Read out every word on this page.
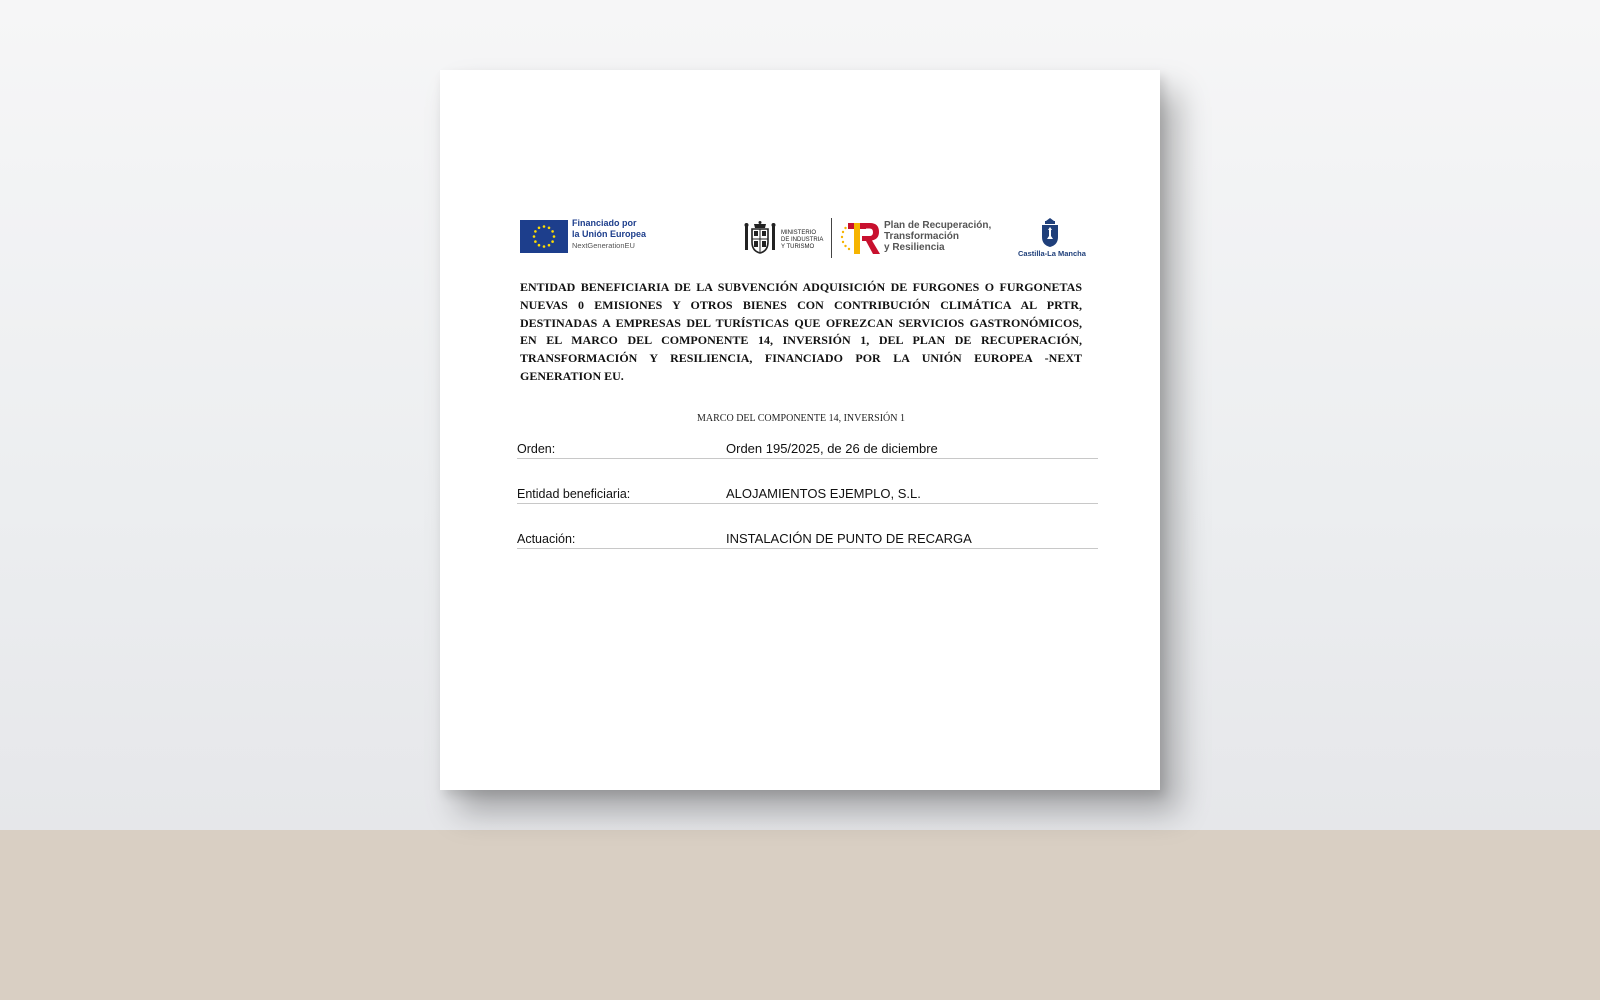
Financiado por
la Unión Europea
NextGenerationEU
MINISTERIO
DE INDUSTRIA
Y TURISMO
Plan de Recuperación,
Transformación
y Resiliencia
Castilla-La Mancha

ENTIDAD BENEFICIARIA DE LA SUBVENCIÓN ADQUISICIÓN DE FURGONES O FURGONETAS NUEVAS 0 EMISIONES Y OTROS BIENES CON CONTRIBUCIÓN CLIMÁTICA AL PRTR, DESTINADAS A EMPRESAS DEL TURÍSTICAS QUE OFREZCAN SERVICIOS GASTRONÓMICOS, EN EL MARCO DEL COMPONENTE 14, INVERSIÓN 1, DEL PLAN DE RECUPERACIÓN, TRANSFORMACIÓN Y RESILIENCIA, FINANCIADO POR LA UNIÓN EUROPEA -NEXT GENERATION EU.

MARCO DEL COMPONENTE 14, INVERSIÓN 1

Orden:	Orden 195/2025, de 26 de diciembre
Entidad beneficiaria:	ALOJAMIENTOS EJEMPLO, S.L.
Actuación:	INSTALACIÓN DE PUNTO DE RECARGA
